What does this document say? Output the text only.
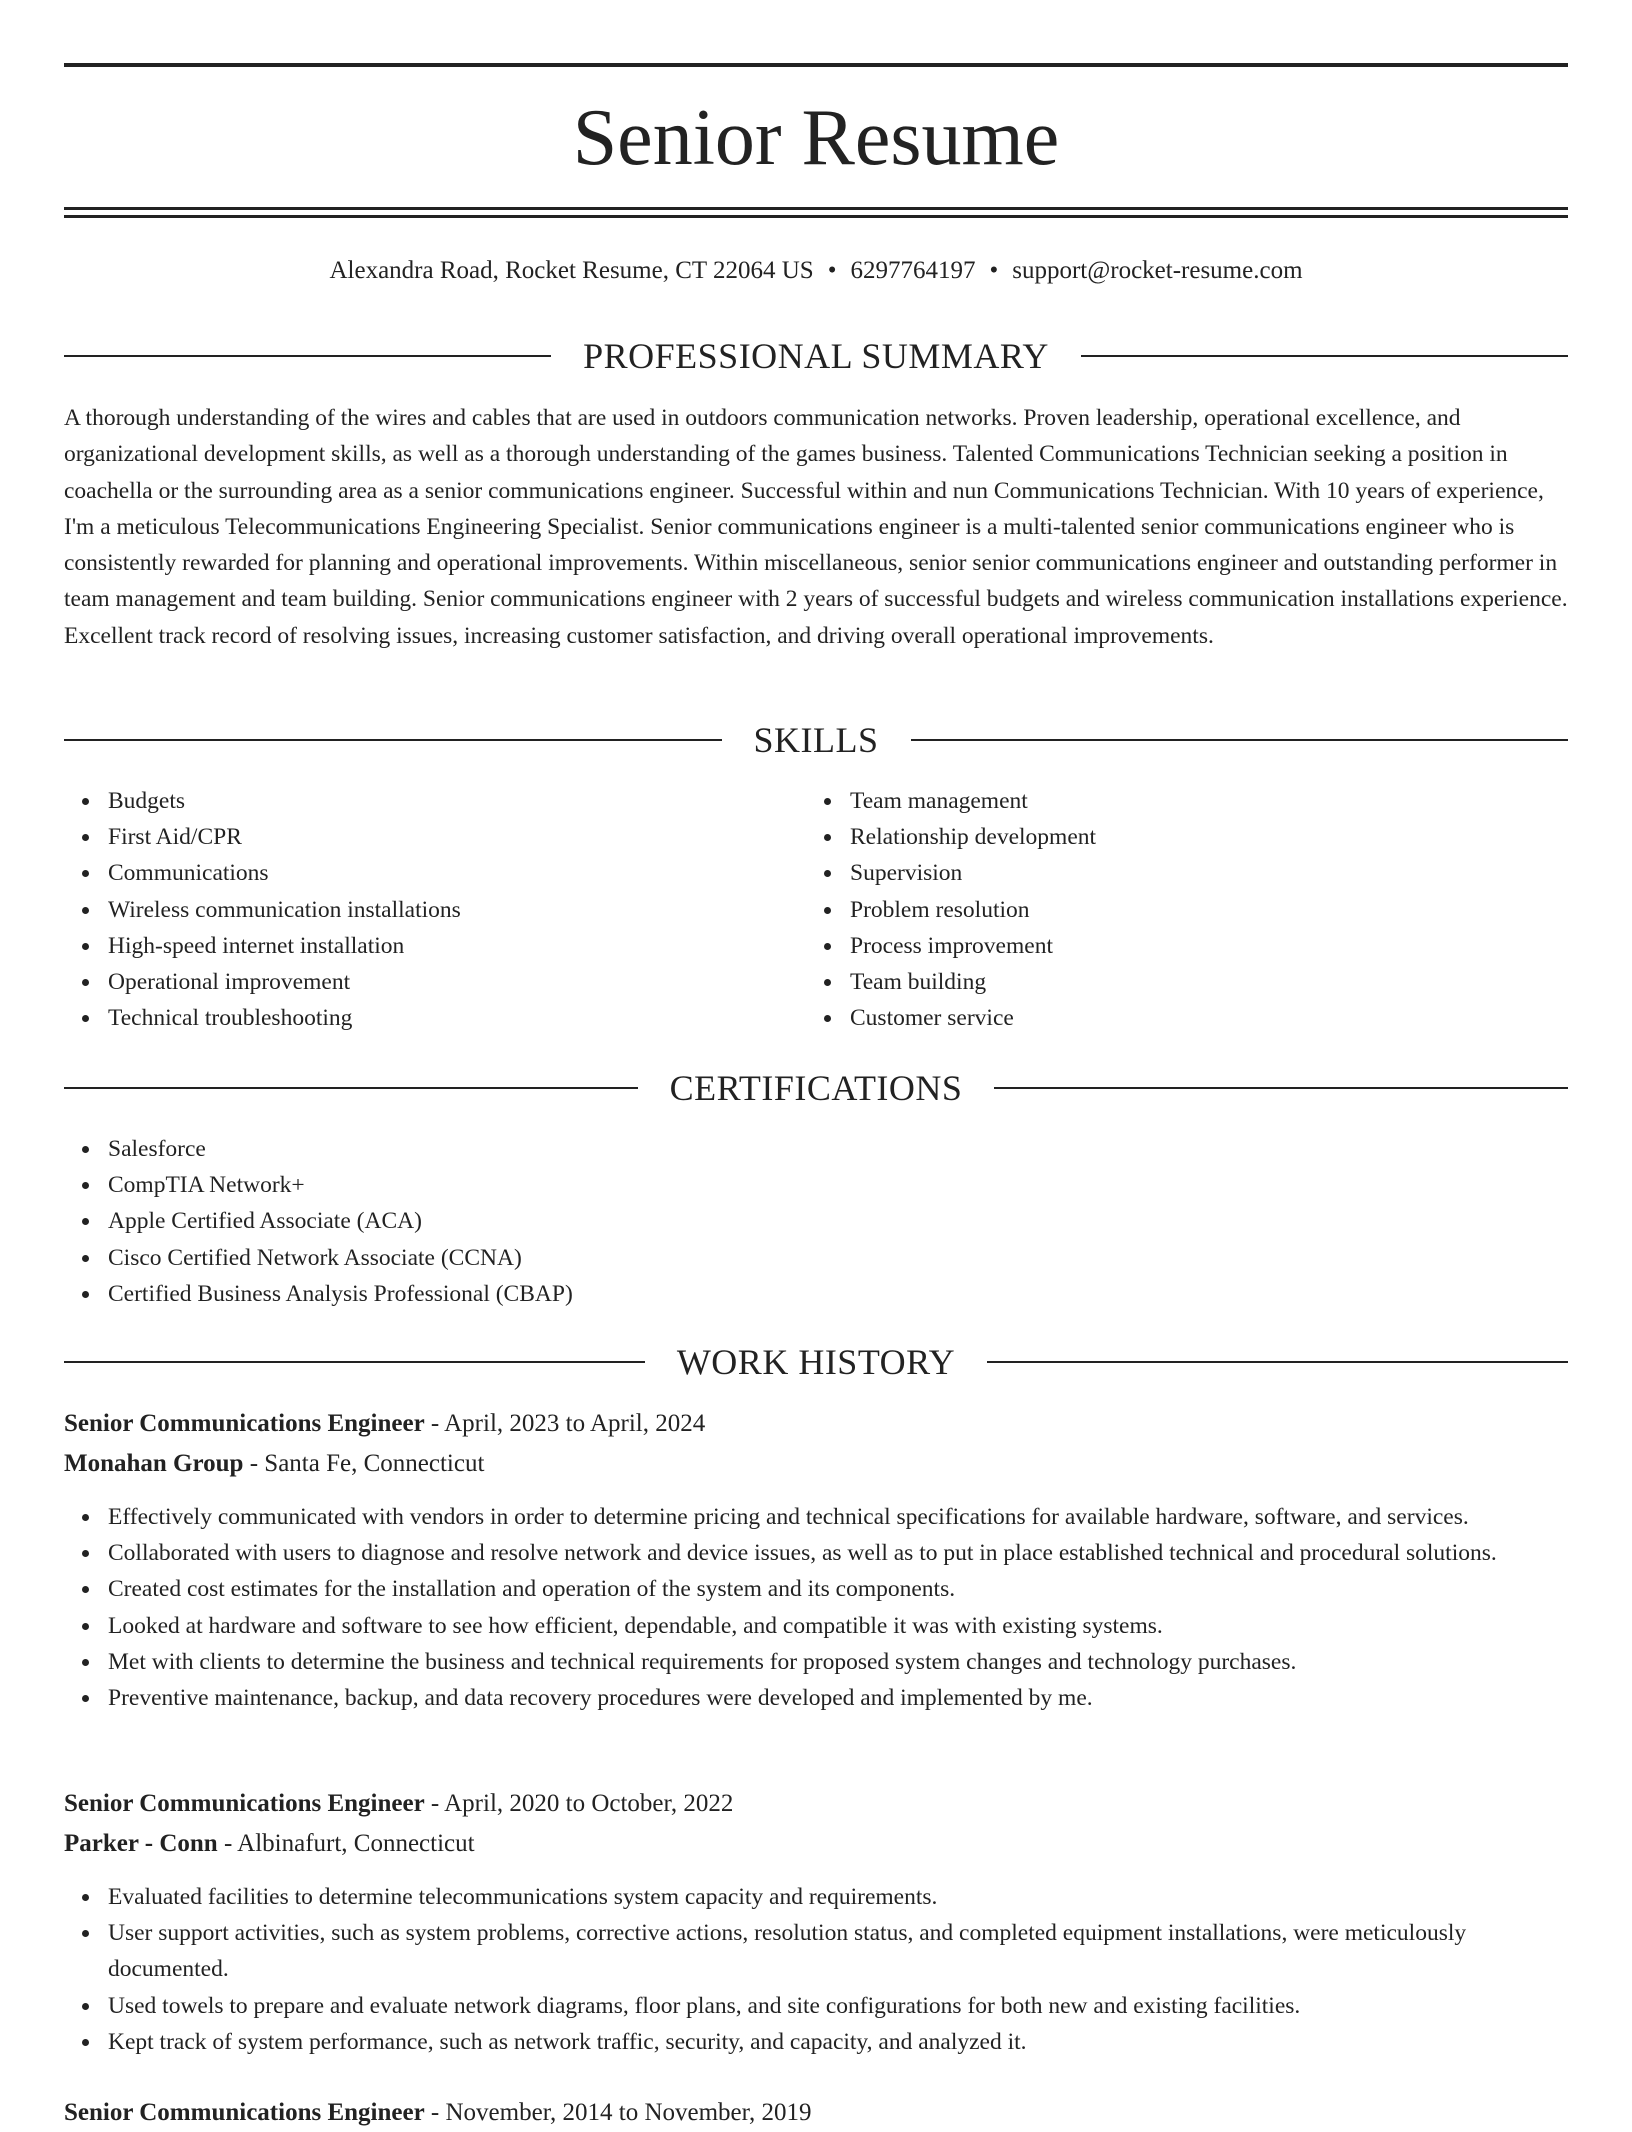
Senior Resume
Alexandra Road, Rocket Resume, CT 22064 US • 6297764197 • support@rocket-resume.com
PROFESSIONAL SUMMARY

A thorough understanding of the wires and cables that are used in outdoors communication networks. Proven leadership, operational excellence, and organizational development skills, as well as a thorough understanding of the games business. Talented Communications Technician seeking a position in coachella or the surrounding area as a senior communications engineer. Successful within and nun Communications Technician. With 10 years of experience, I'm a meticulous Telecommunications Engineering Specialist. Senior communications engineer is a multi-talented senior communications engineer who is consistently rewarded for planning and operational improvements. Within miscellaneous, senior senior communications engineer and outstanding performer in team management and team building. Senior communications engineer with 2 years of successful budgets and wireless communication installations experience. Excellent track record of resolving issues, increasing customer satisfaction, and driving overall operational improvements.

SKILLS
Budgets
First Aid/CPR
Communications
Wireless communication installations
High-speed internet installation
Operational improvement
Technical troubleshooting
Team management
Relationship development
Supervision
Problem resolution
Process improvement
Team building
Customer service
CERTIFICATIONS
Salesforce
CompTIA Network+
Apple Certified Associate (ACA)
Cisco Certified Network Associate (CCNA)
Certified Business Analysis Professional (CBAP)
WORK HISTORY
Senior Communications Engineer - April, 2023 to April, 2024
Monahan Group - Santa Fe, Connecticut
Effectively communicated with vendors in order to determine pricing and technical specifications for available hardware, software, and services.
Collaborated with users to diagnose and resolve network and device issues, as well as to put in place established technical and procedural solutions.
Created cost estimates for the installation and operation of the system and its components.
Looked at hardware and software to see how efficient, dependable, and compatible it was with existing systems.
Met with clients to determine the business and technical requirements for proposed system changes and technology purchases.
Preventive maintenance, backup, and data recovery procedures were developed and implemented by me.
Senior Communications Engineer - April, 2020 to October, 2022
Parker - Conn - Albinafurt, Connecticut
Evaluated facilities to determine telecommunications system capacity and requirements.
User support activities, such as system problems, corrective actions, resolution status, and completed equipment installations, were meticulously documented.
Used towels to prepare and evaluate network diagrams, floor plans, and site configurations for both new and existing facilities.
Kept track of system performance, such as network traffic, security, and capacity, and analyzed it.
Senior Communications Engineer - November, 2014 to November, 2019
